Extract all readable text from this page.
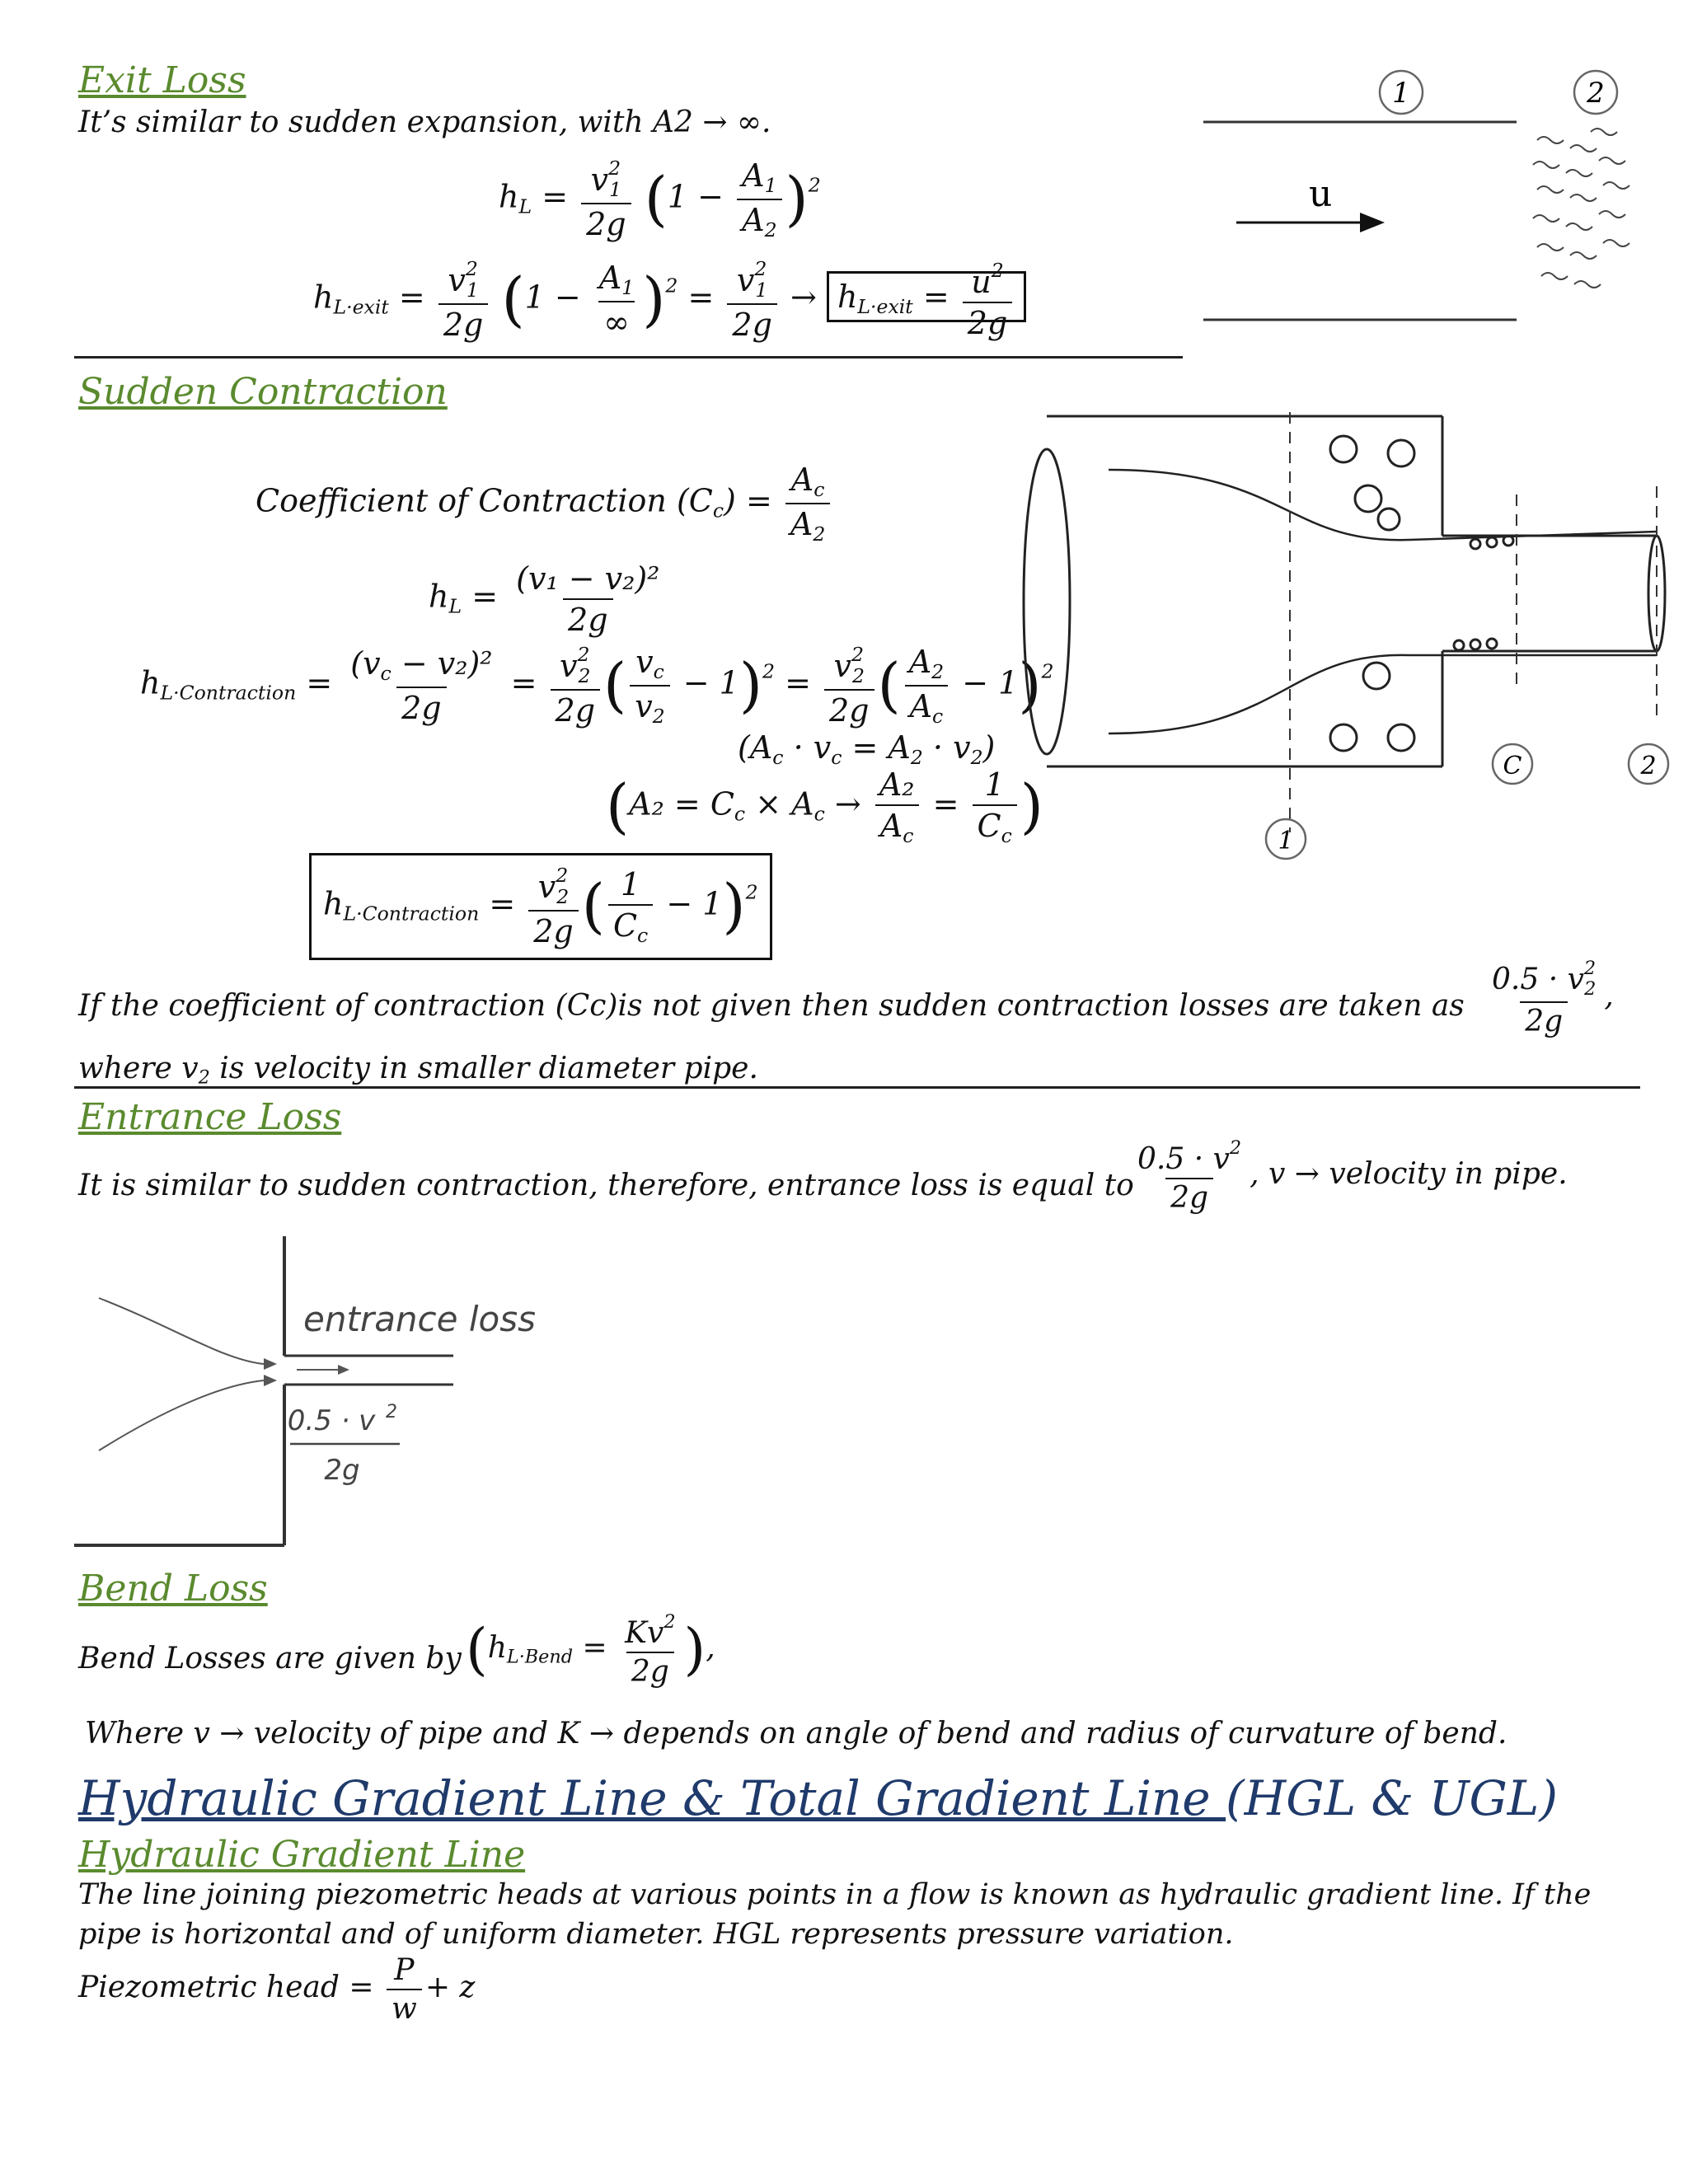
Exit Loss
It’s similar to sudden expansion, with A2 → ∞.
$h_L = \frac{v^2_1}{2g} (1 - \frac{A_1}{A_2} )^2$
$h_{L\cdot exit} = \frac{v^2_1}{2g} (1 - \frac{A_1}{\infty} )^2 = \frac{v^2_1}{2g} \to h_{L\cdot exit} = \frac{u^2}{2g}$
1	2
u
Sudden Contraction
Coefficient of Contraction $(C_c) = \frac{A_c}{A_2}$
$h_L = \frac{\text{(v₁ − v₂)²}}{2g}$
$h_{L\cdot Contraction} = \frac{(v_c - v_2)^2}{2g} = \frac{v^2_2}{2g}$ ( $\frac{v_c}{v_2} - 1)^2 = \frac{v^2_2}{2g}$ ( $\frac{A_2}{A_c} - 1)^2$
$(A_c \cdot v_c = A_2 \cdot v_2)$
($A_2 = C_c \times A_c \to \frac{\text{A₂}}{A_c} = \frac{1}{C_c}$ )
$h_{L\cdot Contraction} = \frac{v^2_2}{2g}$ ( $\frac{1}{C_c} - 1)^2$
1
C	2
If the coefficient of contraction (Cc)is not given then sudden contraction losses are taken as $\frac{0.5 \cdot v^2_2}{2g}$ ,
where $v_2$ is velocity in smaller diameter pipe.
Entrance Loss
It is similar to sudden contraction, therefore, entrance loss is equal to
$\frac{0.5 \cdot v^2}{2g}$ , v → velocity in pipe.
entrance loss
0.5 · v 2
2g
Bend Loss
Bend Losses are given by ($h_{L\cdot Bend} = \frac{Kv^2}{2g}$ ),
Where v → velocity of pipe and K → depends on angle of bend and radius of curvature of bend.
Hydraulic Gradient Line & Total Gradient Line (HGL & UGL)
Hydraulic Gradient Line
The line joining piezometric heads at various points in a flow is known as hydraulic gradient line. If the pipe is horizontal and of uniform diameter. HGL represents pressure variation.
Piezometric head = $\frac{P}{w} + z$
